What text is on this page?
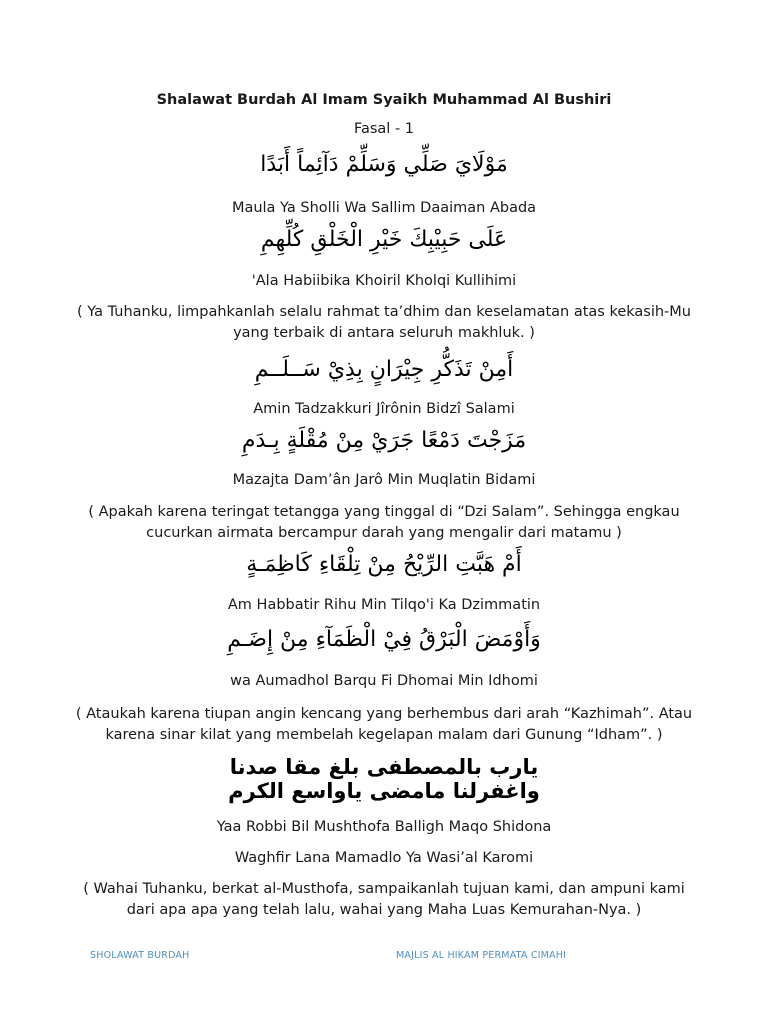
Shalawat Burdah Al Imam Syaikh Muhammad Al Bushiri
Fasal - 1
مَوْلَايَ صَلِّي وَسَلِّمْ دَآئِماً أَبَدًا
Maula Ya Sholli Wa Sallim Daaiman Abada
عَلَى حَبِيْبِكَ خَيْرِ الْخَلْقِ كُلِّهِمِ
'Ala Habiibika Khoiril Kholqi Kullihimi
( Ya Tuhanku, limpahkanlah selalu rahmat ta’dhim dan keselamatan atas kekasih-Mu
yang terbaik di antara seluruh makhluk. )
أَمِنْ تَذَكُّرِ جِيْرَانٍ بِذِيْ سَــلَــمِ
Amin Tadzakkuri Jîrônin Bidzî Salami
مَزَجْتَ دَمْعًا جَرَيْ مِنْ مُقْلَةٍ بِـدَمِ
Mazajta Dam’ân Jarô Min Muqlatin Bidami
( Apakah karena teringat tetangga yang tinggal di “Dzi Salam”. Sehingga engkau
cucurkan airmata bercampur darah yang mengalir dari matamu )
أَمْ هَبَّتِ الرِّيْحُ مِنْ تِلْقَاءِ كَاظِمَـةٍ
Am Habbatir Rihu Min Tilqo'i Ka Dzimmatin
وَأَوْمَضَ الْبَرْقُ فِيْ الْظَمَآءِ مِنْ إِضَـمِ
wa Aumadhol Barqu Fi Dhomai Min Idhomi
( Ataukah karena tiupan angin kencang yang berhembus dari arah “Kazhimah”. Atau
karena sinar kilat yang membelah kegelapan malam dari Gunung “Idham”. )
يارب بالمصطفى بلغ مقا صدنا
واغفرلنا مامضى ياواسع الكرم
Yaa Robbi Bil Mushthofa Balligh Maqo Shidona
Waghfir Lana Mamadlo Ya Wasi’al Karomi
( Wahai Tuhanku, berkat al-Musthofa, sampaikanlah tujuan kami, dan ampuni kami
dari apa apa yang telah lalu, wahai yang Maha Luas Kemurahan-Nya. )
SHOLAWAT BURDAH	MAJLIS AL HIKAM PERMATA CIMAHI
